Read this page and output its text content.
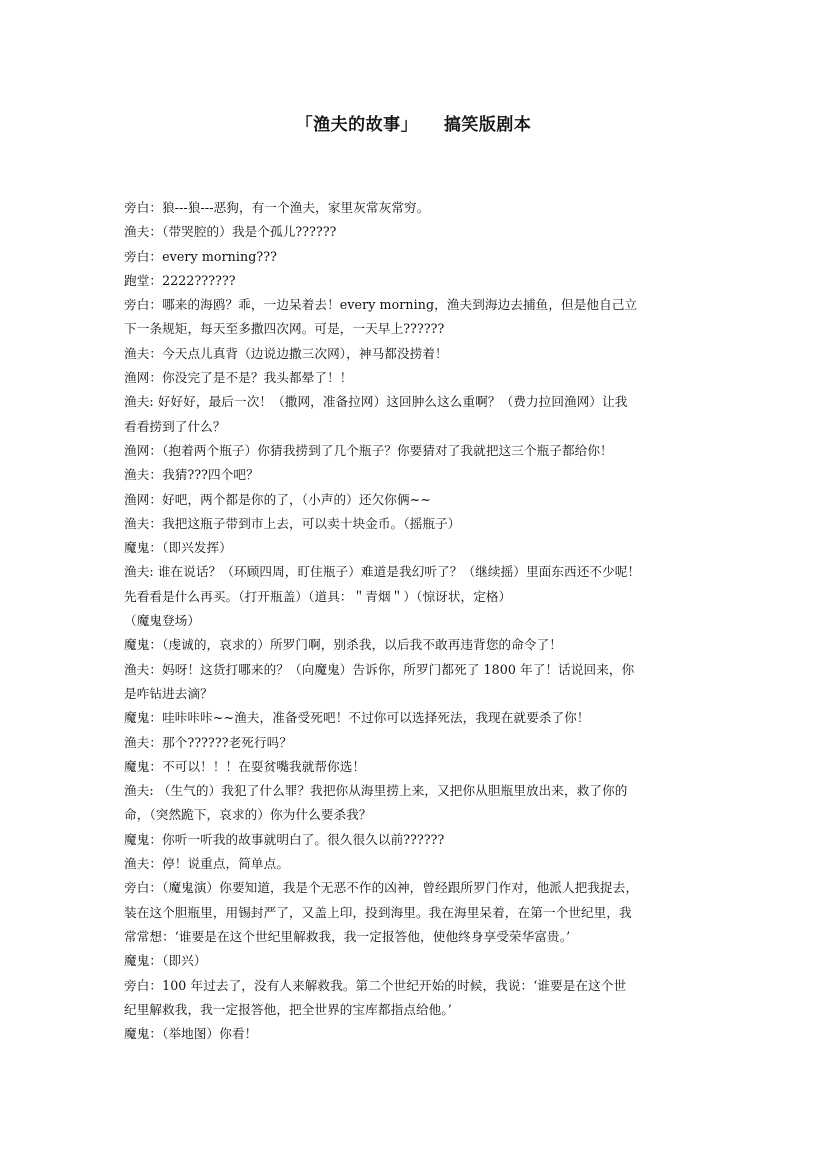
「渔夫的故事」    搞笑版剧本

旁白：狼---狼---恶狗，有一个渔夫，家里灰常灰常穷。

渔夫：（带哭腔的）我是个孤儿??????

旁白：every morning???

跑堂：2222??????

旁白：哪来的海鸥？乖，一边呆着去！every morning，渔夫到海边去捕鱼，但是他自己立

下一条规矩，每天至多撒四次网。可是，一天早上??????

渔夫：今天点儿真背（边说边撒三次网），神马都没捞着！

渔网：你没完了是不是？我头都晕了！！

渔夫: 好好好，最后一次！（撒网，准备拉网）这回肿么这么重啊？（费力拉回渔网）让我

看看捞到了什么？

渔网：（抱着两个瓶子）你猜我捞到了几个瓶子？你要猜对了我就把这三个瓶子都给你！

渔夫：我猜???四个吧？

渔网：好吧，两个都是你的了，（小声的）还欠你俩~~

渔夫：我把这瓶子带到市上去，可以卖十块金币。（摇瓶子）

魔鬼：（即兴发挥）

渔夫: 谁在说话？（环顾四周，盯住瓶子）难道是我幻听了？（继续摇）里面东西还不少呢！

先看看是什么再买。（打开瓶盖）（道具：＂青烟＂）（惊讶状，定格）

（魔鬼登场）

魔鬼：（虔诚的，哀求的）所罗门啊，别杀我，以后我不敢再违背您的命令了！

渔夫：妈呀！这货打哪来的？（向魔鬼）告诉你，所罗门都死了 1800 年了！话说回来，你

是咋钻进去滴？

魔鬼：哇咔咔咔~~渔夫，准备受死吧！不过你可以选择死法，我现在就要杀了你！

渔夫：那个??????老死行吗？

魔鬼：不可以！！！在耍贫嘴我就帮你选！

渔夫: （生气的）我犯了什么罪？我把你从海里捞上来，又把你从胆瓶里放出来，救了你的

命，（突然跪下，哀求的）你为什么要杀我？

魔鬼：你听一听我的故事就明白了。很久很久以前??????

渔夫：停！说重点，简单点。

旁白：（魔鬼演）你要知道，我是个无恶不作的凶神，曾经跟所罗门作对，他派人把我捉去，

装在这个胆瓶里，用锡封严了，又盖上印，投到海里。我在海里呆着，在第一个世纪里，我

常常想：‘谁要是在这个世纪里解救我，我一定报答他，使他终身享受荣华富贵。’

魔鬼：（即兴）

旁白：100 年过去了，没有人来解救我。第二个世纪开始的时候，我说：‘谁要是在这个世

纪里解救我，我一定报答他，把全世界的宝库都指点给他。’

魔鬼：（举地图）你看！
